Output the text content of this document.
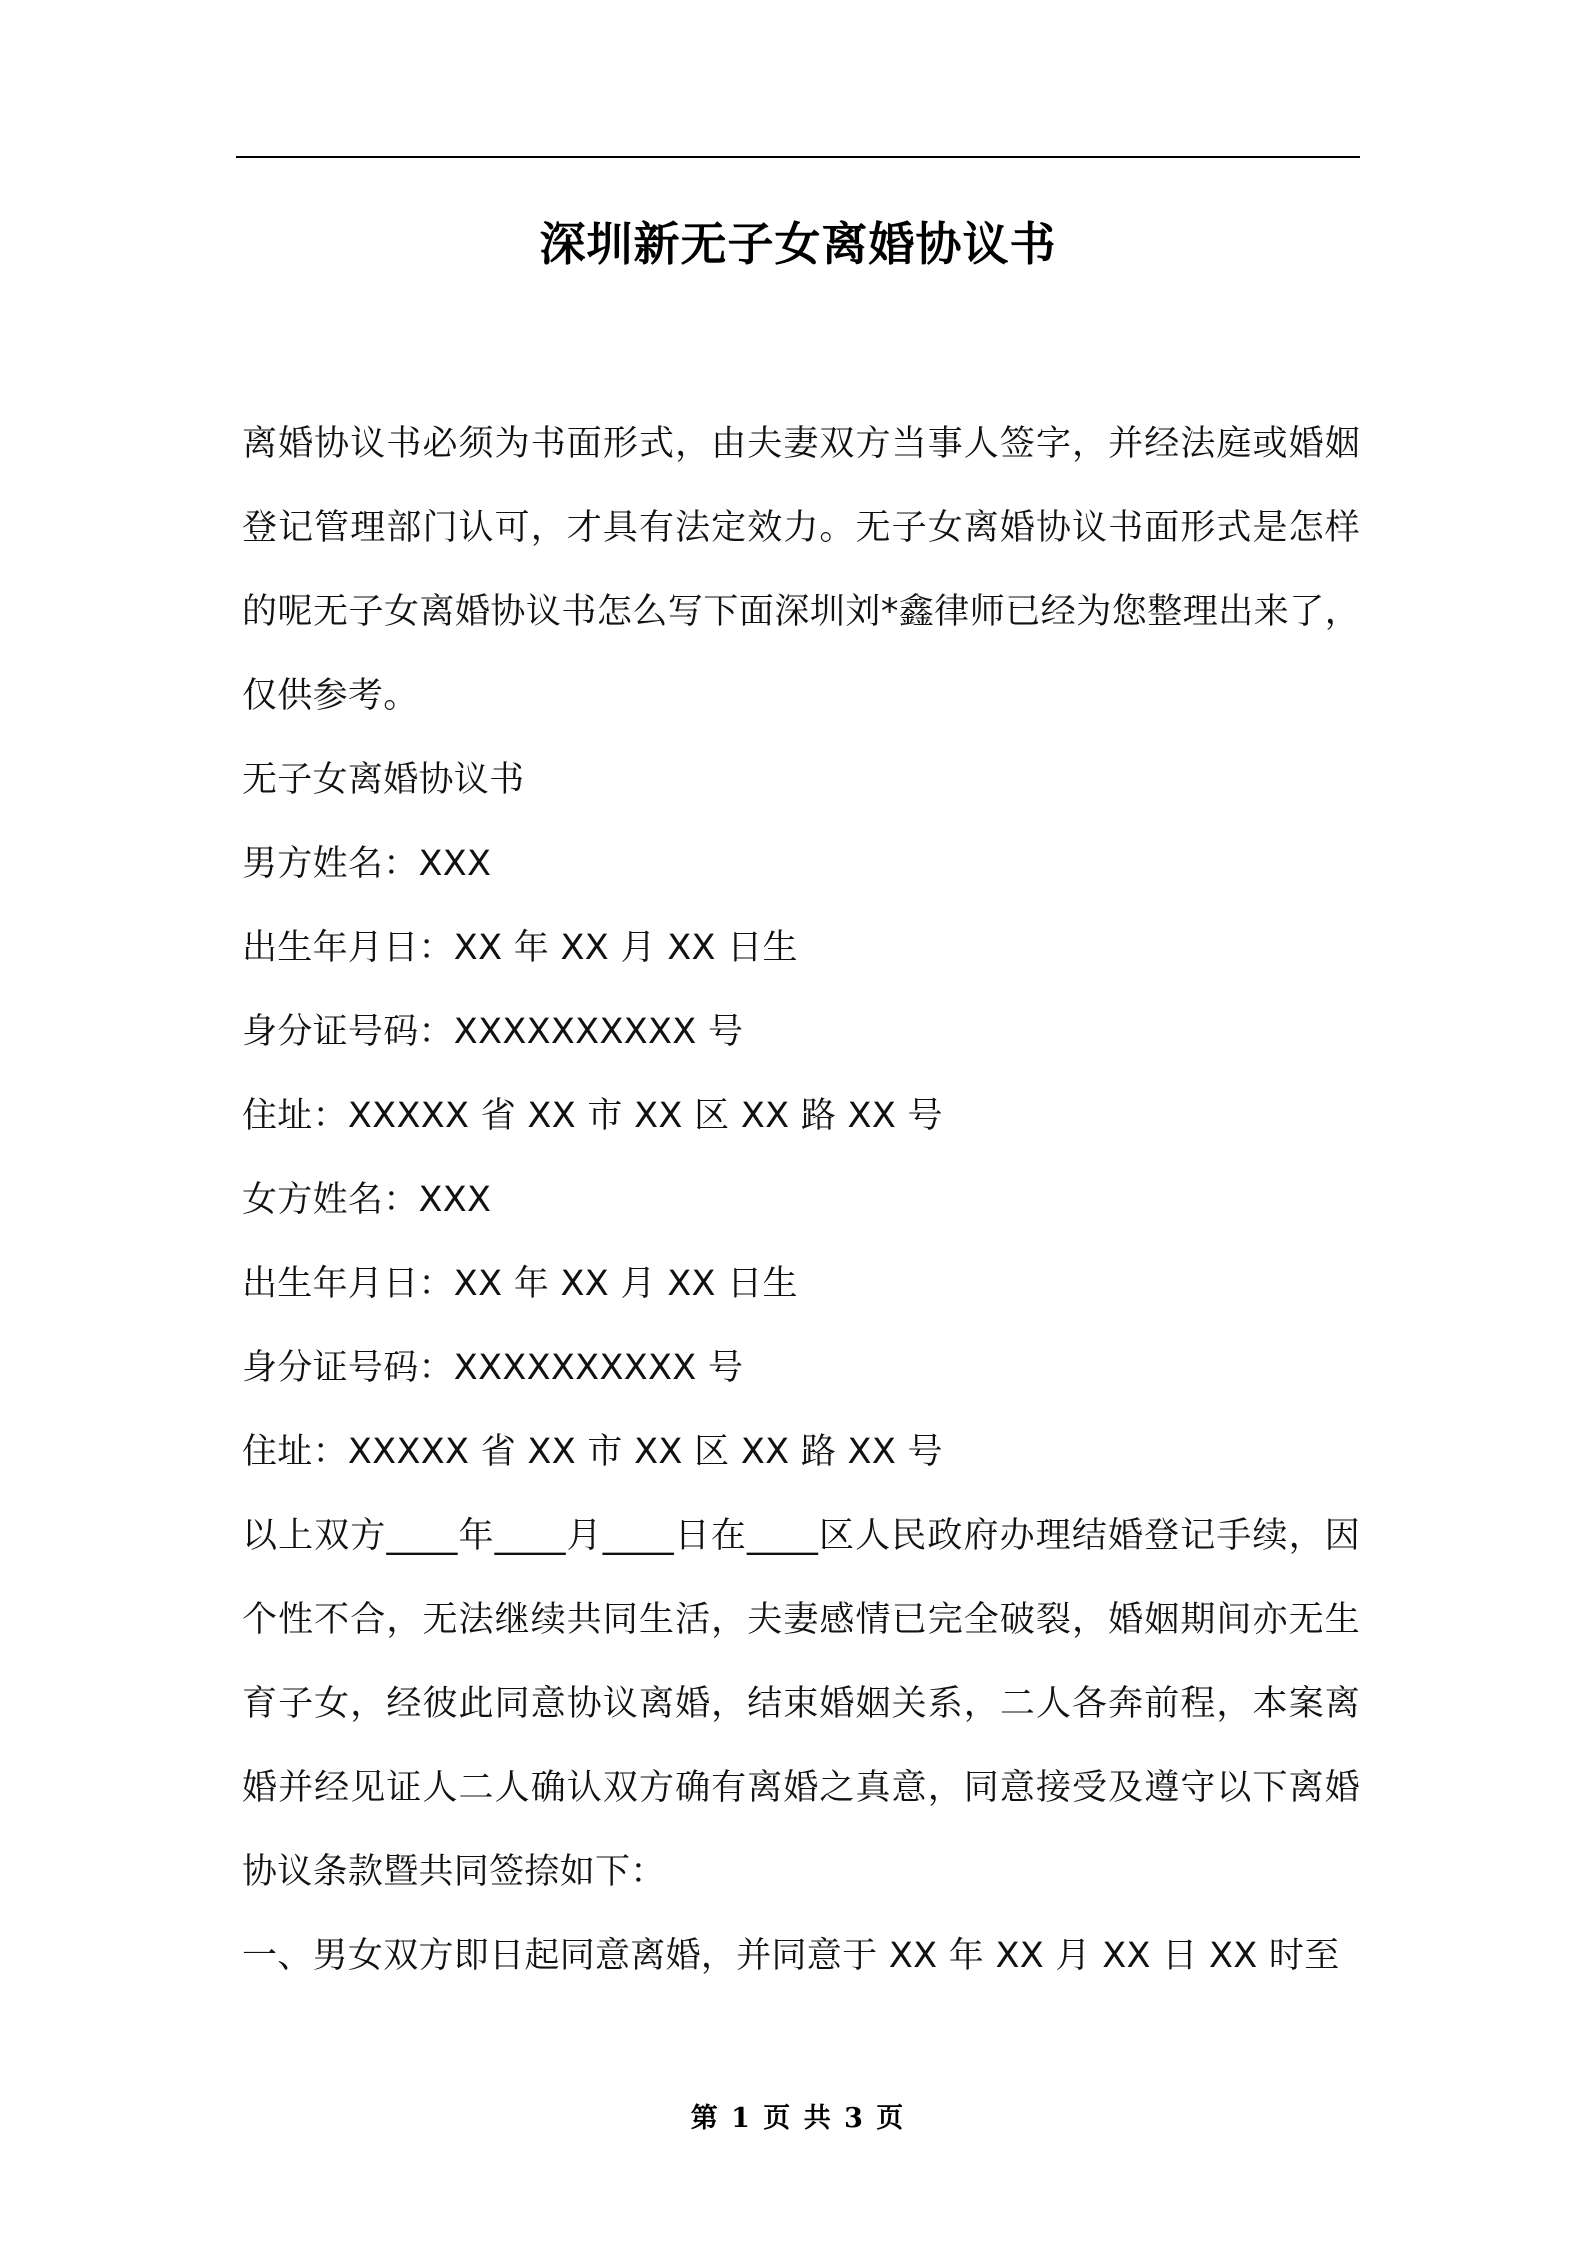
深圳新无子女离婚协议书

离婚协议书必须为书面形式，由夫妻双方当事人签字，并经法庭或婚姻登记管理部门认可，才具有法定效力。无子女离婚协议书面形式是怎样的呢无子女离婚协议书怎么写下面深圳刘*鑫律师已经为您整理出来了，仅供参考。

无子女离婚协议书
男方姓名：XXX
出生年月日：XX 年 XX 月 XX 日生
身分证号码：XXXXXXXXXX 号
住址：XXXXX 省 XX 市 XX 区 XX 路 XX 号
女方姓名：XXX
出生年月日：XX 年 XX 月 XX 日生
身分证号码：XXXXXXXXXX 号
住址：XXXXX 省 XX 市 XX 区 XX 路 XX 号

以上双方____年____月____日在____区人民政府办理结婚登记手续，因个性不合，无法继续共同生活，夫妻感情已完全破裂，婚姻期间亦无生育子女，经彼此同意协议离婚，结束婚姻关系，二人各奔前程，本案离婚并经见证人二人确认双方确有离婚之真意，同意接受及遵守以下离婚协议条款暨共同签捺如下：

一、男女双方即日起同意离婚，并同意于 XX 年 XX 月 XX 日 XX 时至

第 1 页 共 3 页
